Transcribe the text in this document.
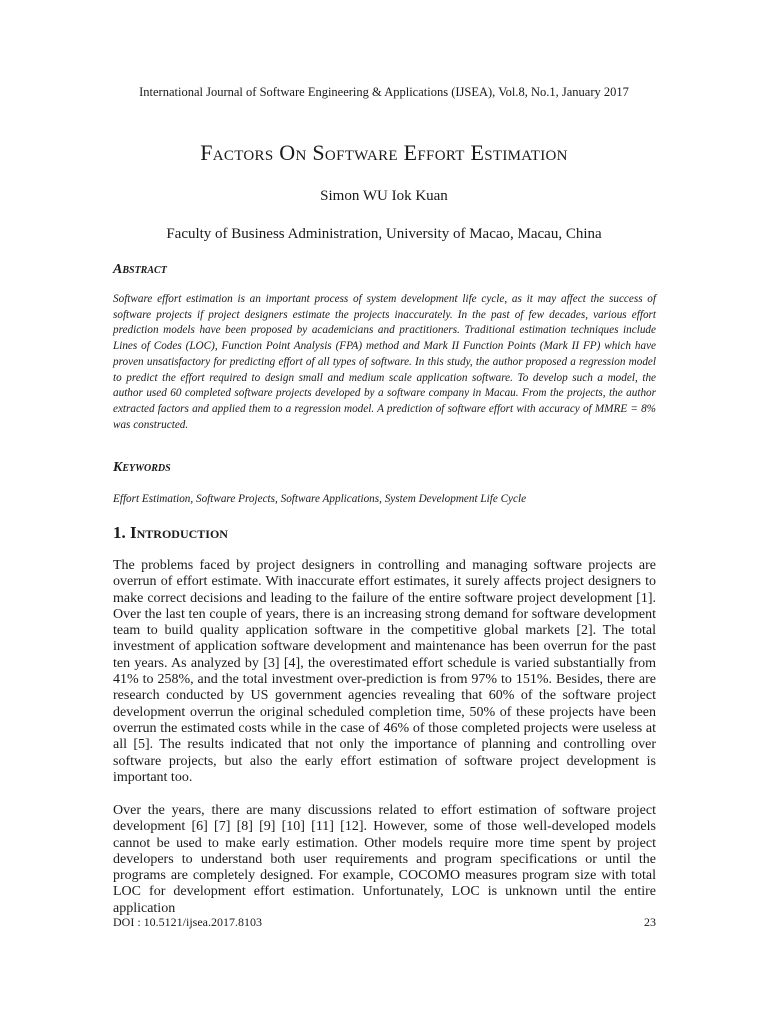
International Journal of Software Engineering & Applications (IJSEA), Vol.8, No.1, January 2017
Factors On Software Effort Estimation
Simon WU Iok Kuan
Faculty of Business Administration, University of Macao, Macau, China
Abstract
Software effort estimation is an important process of system development life cycle, as it may affect the success of software projects if project designers estimate the projects inaccurately. In the past of few decades, various effort prediction models have been proposed by academicians and practitioners. Traditional estimation techniques include Lines of Codes (LOC), Function Point Analysis (FPA) method and Mark II Function Points (Mark II FP) which have proven unsatisfactory for predicting effort of all types of software. In this study, the author proposed a regression model to predict the effort required to design small and medium scale application software. To develop such a model, the author used 60 completed software projects developed by a software company in Macau. From the projects, the author extracted factors and applied them to a regression model. A prediction of software effort with accuracy of MMRE = 8% was constructed.
Keywords
Effort Estimation, Software Projects, Software Applications, System Development Life Cycle
1. Introduction
The problems faced by project designers in controlling and managing software projects are overrun of effort estimate. With inaccurate effort estimates, it surely affects project designers to make correct decisions and leading to the failure of the entire software project development [1]. Over the last ten couple of years, there is an increasing strong demand for software development team to build quality application software in the competitive global markets [2]. The total investment of application software development and maintenance has been overrun for the past ten years. As analyzed by [3] [4], the overestimated effort schedule is varied substantially from 41% to 258%, and the total investment over-prediction is from 97% to 151%. Besides, there are research conducted by US government agencies revealing that 60% of the software project development overrun the original scheduled completion time, 50% of these projects have been overrun the estimated costs while in the case of 46% of those completed projects were useless at all [5]. The results indicated that not only the importance of planning and controlling over software projects, but also the early effort estimation of software project development is important too.
Over the years, there are many discussions related to effort estimation of software project development [6] [7] [8] [9] [10] [11] [12]. However, some of those well-developed models cannot be used to make early estimation. Other models require more time spent by project developers to understand both user requirements and program specifications or until the programs are completely designed. For example, COCOMO measures program size with total LOC for development effort estimation. Unfortunately, LOC is unknown until the entire application
DOI : 10.5121/ijsea.2017.8103	23
